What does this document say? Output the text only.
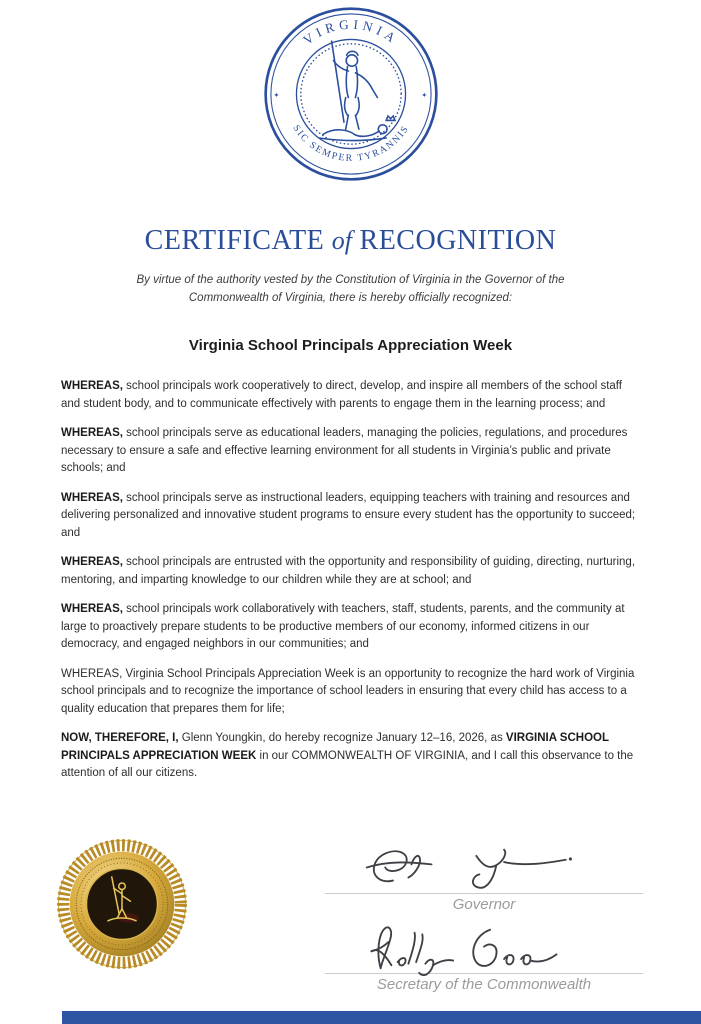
VIRGINIA
SIC SEMPER TYRANNIS
✦	✦
CERTIFICATE of RECOGNITION

By virtue of the authority vested by the Constitution of Virginia in the Governor of the Commonwealth of Virginia, there is hereby officially recognized:

Virginia School Principals Appreciation Week

WHEREAS, school principals work cooperatively to direct, develop, and inspire all members of the school staff and student body, and to communicate effectively with parents to engage them in the learning process; and

WHEREAS, school principals serve as educational leaders, managing the policies, regulations, and procedures necessary to ensure a safe and effective learning environment for all students in Virginia’s public and private schools; and

WHEREAS, school principals serve as instructional leaders, equipping teachers with training and resources and delivering personalized and innovative student programs to ensure every student has the opportunity to succeed; and

WHEREAS, school principals are entrusted with the opportunity and responsibility of guiding, directing, nurturing, mentoring, and imparting knowledge to our children while they are at school; and

WHEREAS, school principals work collaboratively with teachers, staff, students, parents, and the community at large to proactively prepare students to be productive members of our economy, informed citizens in our democracy, and engaged neighbors in our communities; and

WHEREAS, Virginia School Principals Appreciation Week is an opportunity to recognize the hard work of Virginia school principals and to recognize the importance of school leaders in ensuring that every child has access to a quality education that prepares them for life;

NOW, THEREFORE, I, Glenn Youngkin, do hereby recognize January 12–16, 2026, as VIRGINIA SCHOOL PRINCIPALS APPRECIATION WEEK in our COMMONWEALTH OF VIRGINIA, and I call this observance to the attention of all our citizens.

Governor
Secretary of the Commonwealth
